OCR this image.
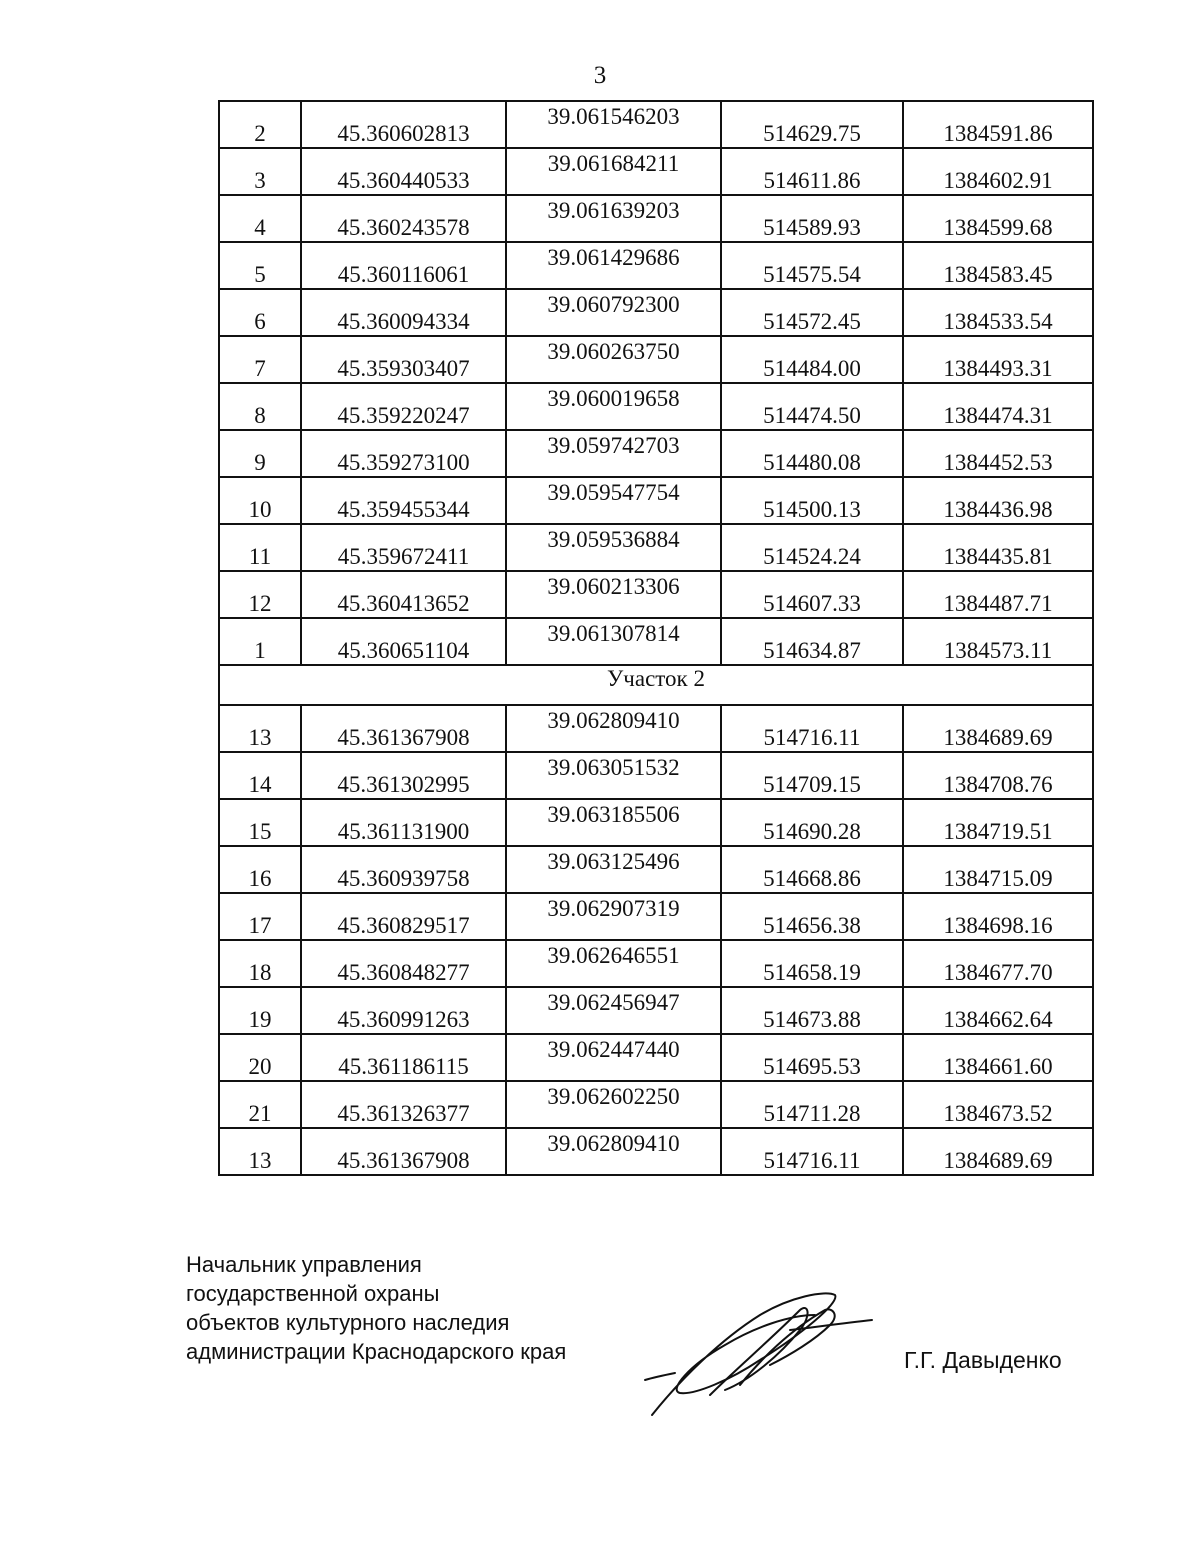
3
2	45.360602813	39.061546203	514629.75	1384591.86
3	45.360440533	39.061684211	514611.86	1384602.91
4	45.360243578	39.061639203	514589.93	1384599.68
5	45.360116061	39.061429686	514575.54	1384583.45
6	45.360094334	39.060792300	514572.45	1384533.54
7	45.359303407	39.060263750	514484.00	1384493.31
8	45.359220247	39.060019658	514474.50	1384474.31
9	45.359273100	39.059742703	514480.08	1384452.53
10	45.359455344	39.059547754	514500.13	1384436.98
11	45.359672411	39.059536884	514524.24	1384435.81
12	45.360413652	39.060213306	514607.33	1384487.71
1	45.360651104	39.061307814	514634.87	1384573.11
Участок 2				
13	45.361367908	39.062809410	514716.11	1384689.69
14	45.361302995	39.063051532	514709.15	1384708.76
15	45.361131900	39.063185506	514690.28	1384719.51
16	45.360939758	39.063125496	514668.86	1384715.09
17	45.360829517	39.062907319	514656.38	1384698.16
18	45.360848277	39.062646551	514658.19	1384677.70
19	45.360991263	39.062456947	514673.88	1384662.64
20	45.361186115	39.062447440	514695.53	1384661.60
21	45.361326377	39.062602250	514711.28	1384673.52
13	45.361367908	39.062809410	514716.11	1384689.69
Начальник управления
государственной охраны
объектов культурного наследия
администрации Краснодарского края	Г.Г. Давыденко
